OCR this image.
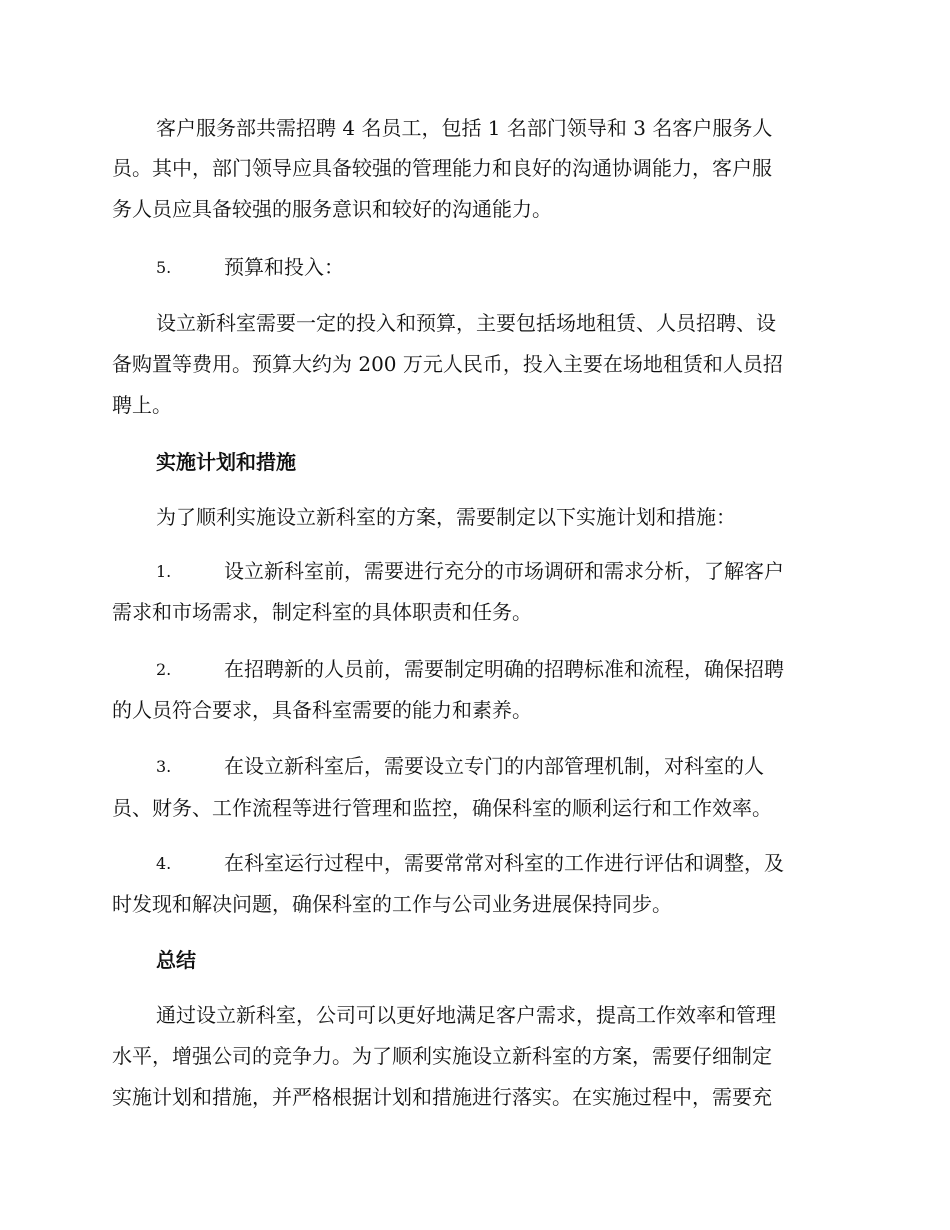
客户服务部共需招聘 4 名员工，包括 1 名部门领导和 3 名客户服务人
员。其中，部门领导应具备较强的管理能力和良好的沟通协调能力，客户服
务人员应具备较强的服务意识和较好的沟通能力。
5.	预算和投入：
设立新科室需要一定的投入和预算，主要包括场地租赁、人员招聘、设
备购置等费用。预算大约为 200 万元人民币，投入主要在场地租赁和人员招
聘上。
实施计划和措施
为了顺利实施设立新科室的方案，需要制定以下实施计划和措施：
1.	设立新科室前，需要进行充分的市场调研和需求分析，了解客户
需求和市场需求，制定科室的具体职责和任务。
2.	在招聘新的人员前，需要制定明确的招聘标准和流程，确保招聘
的人员符合要求，具备科室需要的能力和素养。
3.	在设立新科室后，需要设立专门的内部管理机制，对科室的人
员、财务、工作流程等进行管理和监控，确保科室的顺利运行和工作效率。
4.	在科室运行过程中，需要常常对科室的工作进行评估和调整，及
时发现和解决问题，确保科室的工作与公司业务进展保持同步。
总结
通过设立新科室，公司可以更好地满足客户需求，提高工作效率和管理
水平，增强公司的竞争力。为了顺利实施设立新科室的方案，需要仔细制定
实施计划和措施，并严格根据计划和措施进行落实。在实施过程中，需要充
